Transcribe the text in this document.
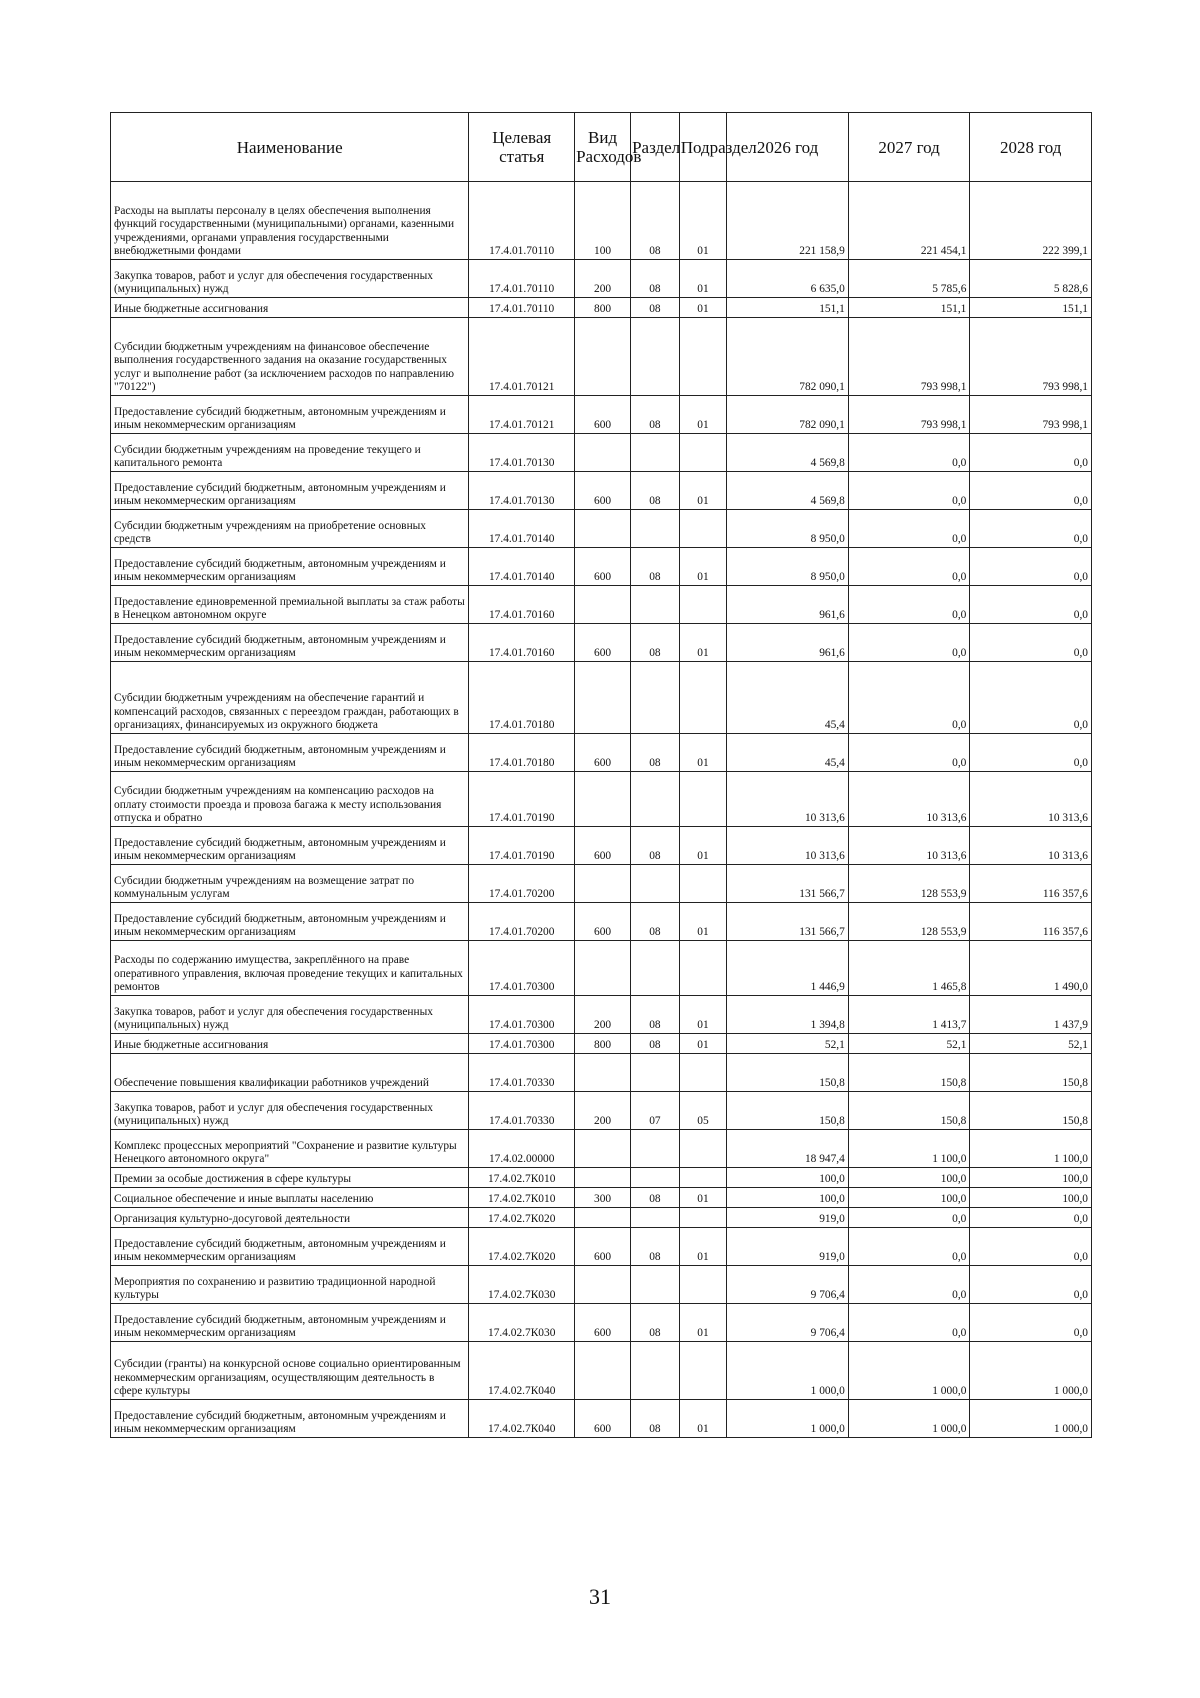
Наименование	Целевая статья	Вид Расходов	Раздел	Подраздел	2026 год	2027 год	2028 год
Расходы на выплаты персоналу в целях обеспечения выполнения функций государственными (муниципальными) органами, казенными учреждениями, органами управления государственными внебюджетными фондами	17.4.01.70110	100	08	01	221 158,9	221 454,1	222 399,1
Закупка товаров, работ и услуг для обеспечения государственных (муниципальных) нужд	17.4.01.70110	200	08	01	6 635,0	5 785,6	5 828,6
Иные бюджетные ассигнования	17.4.01.70110	800	08	01	151,1	151,1	151,1
Субсидии бюджетным учреждениям на финансовое обеспечение выполнения государственного задания на оказание государственных услуг и выполнение работ (за исключением расходов по направлению "70122")	17.4.01.70121				782 090,1	793 998,1	793 998,1
Предоставление субсидий бюджетным, автономным учреждениям и иным некоммерческим организациям	17.4.01.70121	600	08	01	782 090,1	793 998,1	793 998,1
Субсидии бюджетным учреждениям на проведение текущего и капитального ремонта	17.4.01.70130				4 569,8	0,0	0,0
Предоставление субсидий бюджетным, автономным учреждениям и иным некоммерческим организациям	17.4.01.70130	600	08	01	4 569,8	0,0	0,0
Субсидии бюджетным учреждениям на приобретение основных средств	17.4.01.70140				8 950,0	0,0	0,0
Предоставление субсидий бюджетным, автономным учреждениям и иным некоммерческим организациям	17.4.01.70140	600	08	01	8 950,0	0,0	0,0
Предоставление единовременной премиальной выплаты за стаж работы в Ненецком автономном округе	17.4.01.70160				961,6	0,0	0,0
Предоставление субсидий бюджетным, автономным учреждениям и иным некоммерческим организациям	17.4.01.70160	600	08	01	961,6	0,0	0,0
Субсидии бюджетным учреждениям на обеспечение гарантий и компенсаций расходов, связанных с переездом граждан, работающих в организациях, финансируемых из окружного бюджета	17.4.01.70180				45,4	0,0	0,0
Предоставление субсидий бюджетным, автономным учреждениям и иным некоммерческим организациям	17.4.01.70180	600	08	01	45,4	0,0	0,0
Субсидии бюджетным учреждениям на компенсацию расходов на оплату стоимости проезда и провоза багажа к месту использования отпуска и обратно	17.4.01.70190				10 313,6	10 313,6	10 313,6
Предоставление субсидий бюджетным, автономным учреждениям и иным некоммерческим организациям	17.4.01.70190	600	08	01	10 313,6	10 313,6	10 313,6
Субсидии бюджетным учреждениям на возмещение затрат по коммунальным услугам	17.4.01.70200				131 566,7	128 553,9	116 357,6
Предоставление субсидий бюджетным, автономным учреждениям и иным некоммерческим организациям	17.4.01.70200	600	08	01	131 566,7	128 553,9	116 357,6
Расходы по содержанию имущества, закреплённого на праве оперативного управления, включая проведение текущих и капитальных ремонтов	17.4.01.70300				1 446,9	1 465,8	1 490,0
Закупка товаров, работ и услуг для обеспечения государственных (муниципальных) нужд	17.4.01.70300	200	08	01	1 394,8	1 413,7	1 437,9
Иные бюджетные ассигнования	17.4.01.70300	800	08	01	52,1	52,1	52,1
Обеспечение повышения квалификации работников учреждений	17.4.01.70330				150,8	150,8	150,8
Закупка товаров, работ и услуг для обеспечения государственных (муниципальных) нужд	17.4.01.70330	200	07	05	150,8	150,8	150,8
Комплекс процессных мероприятий "Сохранение и развитие культуры Ненецкого автономного округа"	17.4.02.00000				18 947,4	1 100,0	1 100,0
Премии за особые достижения в сфере культуры	17.4.02.7К010				100,0	100,0	100,0
Социальное обеспечение и иные выплаты населению	17.4.02.7К010	300	08	01	100,0	100,0	100,0
Организация культурно-досуговой деятельности	17.4.02.7К020				919,0	0,0	0,0
Предоставление субсидий бюджетным, автономным учреждениям и иным некоммерческим организациям	17.4.02.7К020	600	08	01	919,0	0,0	0,0
Мероприятия по сохранению и развитию традиционной народной культуры	17.4.02.7К030				9 706,4	0,0	0,0
Предоставление субсидий бюджетным, автономным учреждениям и иным некоммерческим организациям	17.4.02.7К030	600	08	01	9 706,4	0,0	0,0
Субсидии (гранты) на конкурсной основе социально ориентированным некоммерческим организациям, осуществляющим деятельность в сфере культуры	17.4.02.7К040				1 000,0	1 000,0	1 000,0
Предоставление субсидий бюджетным, автономным учреждениям и иным некоммерческим организациям	17.4.02.7К040	600	08	01	1 000,0	1 000,0	1 000,0
31
